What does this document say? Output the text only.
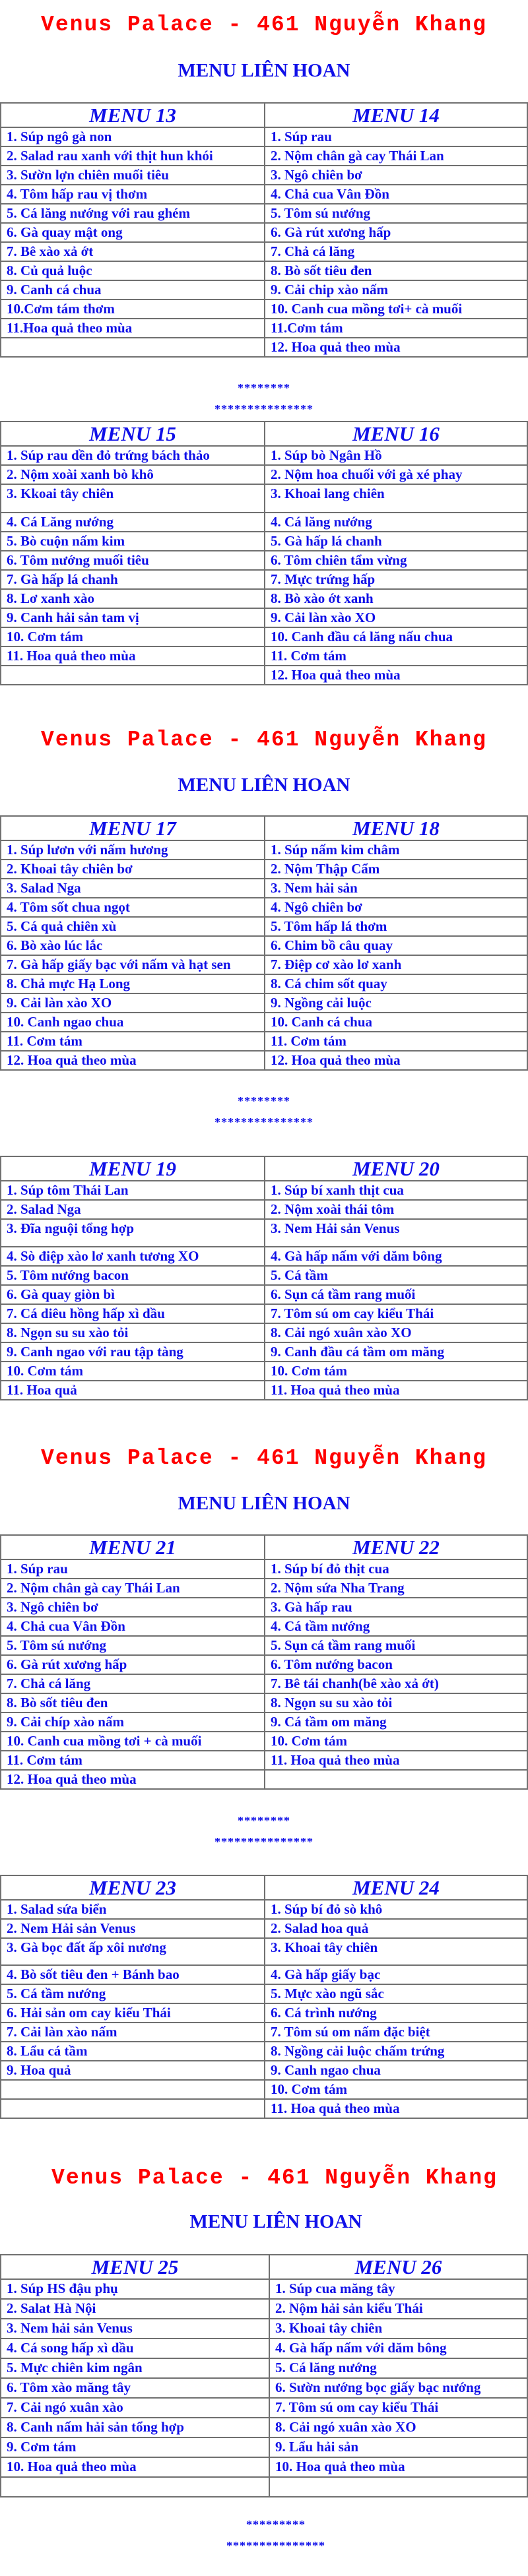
Venus Palace - 461 Nguyễn Khang
MENU LIÊN HOAN
MENU 13	MENU 14
1. Súp ngô gà non	1. Súp rau
2. Salad rau xanh với thịt hun khói	2. Nộm chân gà cay Thái Lan
3. Sườn lợn chiên muối tiêu	3. Ngô chiên bơ
4. Tôm hấp rau vị thơm	4. Chả cua Vân Đồn
5. Cá lăng nướng với rau ghém	5. Tôm sú nướng
6. Gà quay mật ong	6. Gà rút xương hấp
7. Bê xào xả ớt	7. Chả cá lăng
8. Củ quả luộc	8. Bò sốt tiêu đen
9. Canh cá chua	9. Cải chip xào nấm
10.Cơm tám thơm	10. Canh cua mồng tơi+ cà muối
11.Hoa quả theo mùa	11.Cơm tám
	12. Hoa quả theo mùa
********
***************
MENU 15	MENU 16
1. Súp rau dền đỏ trứng bách thảo	1. Súp bò Ngân Hồ
2. Nộm xoài xanh bò khô	2. Nộm hoa chuối với gà xé phay
3. Kkoai tây chiên	3. Khoai lang chiên
4. Cá Lăng nướng	4. Cá lăng nướng
5. Bò cuộn nấm kim	5. Gà hấp lá chanh
6. Tôm nướng muối tiêu	6. Tôm chiên tẩm vừng
7. Gà hấp lá chanh	7. Mực trứng hấp
8. Lơ xanh xào	8. Bò xào ớt xanh
9. Canh hải sản tam vị	9. Cải làn xào XO
10. Cơm tám	10. Canh đầu cá lăng nấu chua
11. Hoa quả theo mùa	11. Cơm tám
	12. Hoa quả theo mùa
Venus Palace - 461 Nguyễn Khang
MENU LIÊN HOAN
MENU 17	MENU 18
1. Súp lươn với nấm hương	1. Súp nấm kim châm
2. Khoai tây chiên bơ	2. Nộm Thập Cẩm
3. Salad Nga	3. Nem hải sản
4. Tôm sốt chua ngọt	4. Ngô chiên bơ
5. Cá quả chiên xù	5. Tôm hấp lá thơm
6. Bò xào lúc lắc	6. Chim bồ câu quay
7. Gà hấp giấy bạc với nấm và hạt sen	7. Điệp cơ xào lơ xanh
8. Chả mực Hạ Long	8. Cá chim sốt quay
9. Cải làn xào XO	9. Ngồng cải luộc
10. Canh ngao chua	10. Canh cá chua
11. Cơm tám	11. Cơm tám
12. Hoa quả theo mùa	12. Hoa quả theo mùa
********
***************
MENU 19	MENU 20
1. Súp tôm Thái Lan	1. Súp bí xanh thịt cua
2. Salad Nga	2. Nộm xoài thái tôm
3. Đĩa nguội tổng hợp	3. Nem Hải sản Venus
4. Sò điệp xào lơ xanh tương XO	4. Gà hấp nấm với dăm bông
5. Tôm nướng bacon	5. Cá tầm
6. Gà quay giòn bì	6. Sụn cá tầm rang muối
7. Cá diêu hồng hấp xì dầu	7. Tôm sú om cay kiểu Thái
8. Ngọn su su xào tỏi	8. Cải ngó xuân xào XO
9. Canh ngao với rau tập tàng	9. Canh đầu cá tầm om măng
10. Cơm tám	10. Cơm tám
11. Hoa quả	11. Hoa quả theo mùa
Venus Palace - 461 Nguyễn Khang
MENU LIÊN HOAN
MENU 21	MENU 22
1. Súp rau	1. Súp bí đỏ thịt cua
2. Nộm chân gà cay Thái Lan	2. Nộm sứa Nha Trang
3. Ngô chiên bơ	3. Gà hấp rau
4. Chả cua Vân Đồn	4. Cá tầm nướng
5. Tôm sú nướng	5. Sụn cá tầm rang muối
6. Gà rút xương hấp	6. Tôm nướng bacon
7. Chả cá lăng	7. Bê tái chanh(bê xào xả ớt)
8. Bò sốt tiêu đen	8. Ngọn su su xào tỏi
9. Cải chíp xào nấm	9. Cá tầm om măng
10. Canh cua mồng tơi + cà muối	10. Cơm tám
11. Cơm tám	11. Hoa quả theo mùa
12. Hoa quả theo mùa	
********
***************
MENU 23	MENU 24
1. Salad sứa biển	1. Súp bí đỏ sò khô
2. Nem Hải sản Venus	2. Salad hoa quả
3. Gà bọc đất ấp xôi nương	3. Khoai tây chiên
4. Bò sốt tiêu đen + Bánh bao	4. Gà hấp giấy bạc
5. Cá tầm nướng	5. Mực xào ngũ sắc
6. Hải sản om cay kiểu Thái	6. Cá trình nướng
7. Cải làn xào nấm	7. Tôm sú om nấm đặc biệt
8. Lẩu cá tầm	8. Ngồng cải luộc chấm trứng
9. Hoa quả	9. Canh ngao chua
	10. Cơm tám
	11. Hoa quả theo mùa
Venus Palace - 461 Nguyễn Khang
MENU LIÊN HOAN
MENU 25	MENU 26
1. Súp HS đậu phụ	1. Súp cua măng tây
2. Salat Hà Nội	2. Nộm hải sản kiểu Thái
3. Nem hải sản Venus	3. Khoai tây chiên
4. Cá song hấp xì dầu	4. Gà hấp nấm với dăm bông
5. Mực chiên kim ngân	5. Cá lăng nướng
6. Tôm xào măng tây	6. Sườn nướng bọc giấy bạc nướng
7. Cải ngó xuân xào	7. Tôm sú om cay kiểu Thái
8. Canh nấm hải sản tổng hợp	8. Cải ngó xuân xào XO
9. Cơm tám	9. Lẩu hải sản
10. Hoa quả theo mùa	10. Hoa quả theo mùa

*********
***************
